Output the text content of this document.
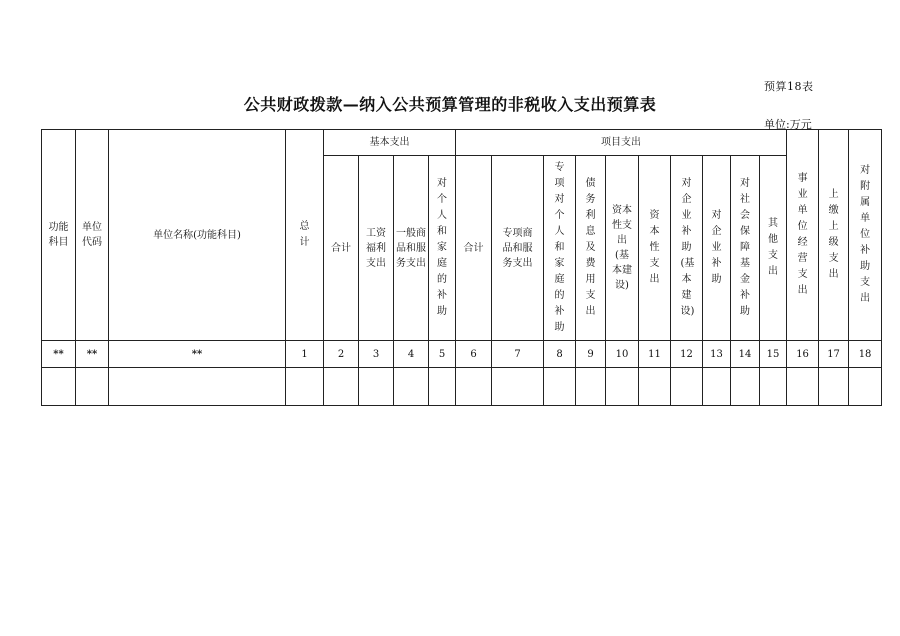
预算18表
公共财政拨款—纳入公共预算管理的非税收入支出预算表
单位:万元
功能科目	单位代码	单位名称(功能科目)	总计	基本支出				项目支出										事业单位经营支出	上缴上级支出	对附属单位补助支出
				合计	工资福利支出	一般商品和服务支出	对个人和家庭的补助	合计	专项商品和服务支出	专项对个人和家庭的补助	债务利息及费用支出	资本性支出(基本建设)	资本性支出	对企业补助(基本建设)	对企业补助	对社会保障基金补助	其他支出			
**	**	**	1	2	3	4	5	6	7	8	9	10	11	12	13	14	15	16	17	18
